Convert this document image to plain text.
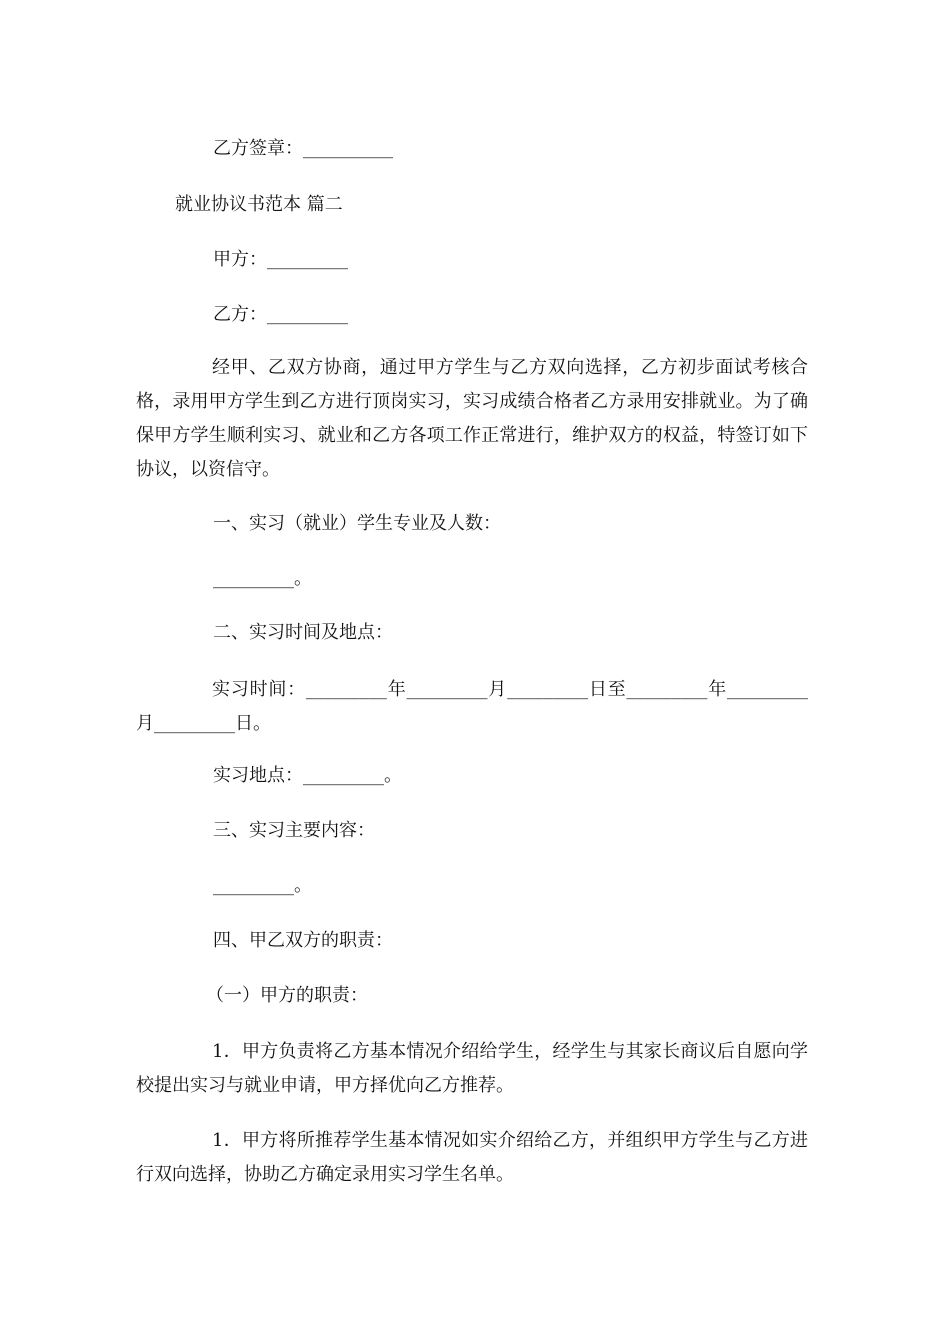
乙方签章：__________
就业协议书范本 篇二
甲方：_________
乙方：_________
经甲、乙双方协商，通过甲方学生与乙方双向选择，乙方初步面试考核合格，录用甲方学生到乙方进行顶岗实习，实习成绩合格者乙方录用安排就业。为了确保甲方学生顺利实习、就业和乙方各项工作正常进行，维护双方的权益，特签订如下协议，以资信守。
一、实习（就业）学生专业及人数：
_________。
二、实习时间及地点：
实习时间：_________年_________月_________日至_________年_________月_________日。
实习地点：_________。
三、实习主要内容：
_________。
四、甲乙双方的职责：
（一）甲方的职责：
1．甲方负责将乙方基本情况介绍给学生，经学生与其家长商议后自愿向学校提出实习与就业申请，甲方择优向乙方推荐。
1．甲方将所推荐学生基本情况如实介绍给乙方，并组织甲方学生与乙方进行双向选择，协助乙方确定录用实习学生名单。
